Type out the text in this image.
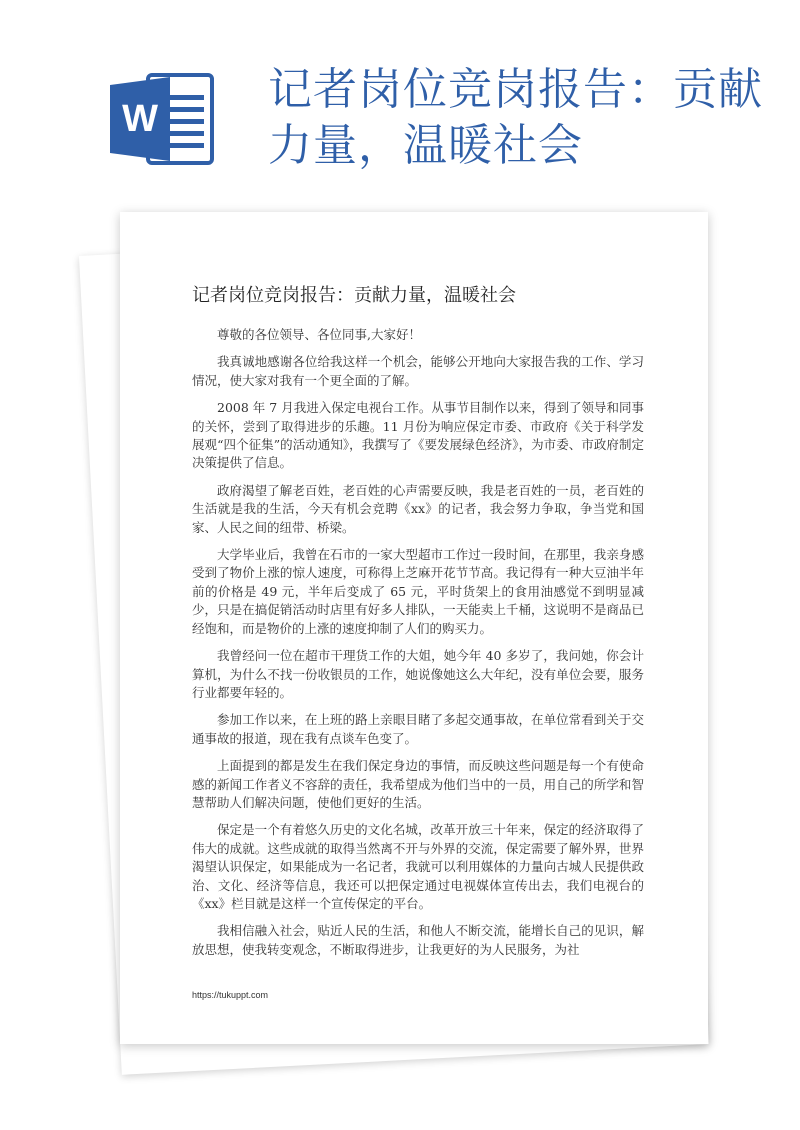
W
记者岗位竞岗报告：贡献力量，温暖社会
记者岗位竞岗报告：贡献力量，温暖社会

尊敬的各位领导、各位同事,大家好！

我真诚地感谢各位给我这样一个机会，能够公开地向大家报告我的工作、学习情况，使大家对我有一个更全面的了解。

2008 年 7 月我进入保定电视台工作。从事节目制作以来，得到了领导和同事的关怀，尝到了取得进步的乐趣。11 月份为响应保定市委、市政府《关于科学发展观“四个征集”的活动通知》，我撰写了《要发展绿色经济》，为市委、市政府制定决策提供了信息。

政府渴望了解老百姓，老百姓的心声需要反映，我是老百姓的一员，老百姓的生活就是我的生活，今天有机会竞聘《xx》的记者，我会努力争取，争当党和国家、人民之间的纽带、桥梁。

大学毕业后，我曾在石市的一家大型超市工作过一段时间，在那里，我亲身感受到了物价上涨的惊人速度，可称得上芝麻开花节节高。我记得有一种大豆油半年前的价格是 49 元，半年后变成了 65 元，平时货架上的食用油感觉不到明显减少，只是在搞促销活动时店里有好多人排队，一天能卖上千桶，这说明不是商品已经饱和，而是物价的上涨的速度抑制了人们的购买力。

我曾经问一位在超市干理货工作的大姐，她今年 40 多岁了，我问她，你会计算机，为什么不找一份收银员的工作，她说像她这么大年纪，没有单位会要，服务行业都要年轻的。

参加工作以来，在上班的路上亲眼目睹了多起交通事故，在单位常看到关于交通事故的报道，现在我有点谈车色变了。

上面提到的都是发生在我们保定身边的事情，而反映这些问题是每一个有使命感的新闻工作者义不容辞的责任，我希望成为他们当中的一员，用自己的所学和智慧帮助人们解决问题，使他们更好的生活。

保定是一个有着悠久历史的文化名城，改革开放三十年来，保定的经济取得了伟大的成就。这些成就的取得当然离不开与外界的交流，保定需要了解外界，世界渴望认识保定，如果能成为一名记者，我就可以利用媒体的力量向古城人民提供政治、文化、经济等信息，我还可以把保定通过电视媒体宣传出去，我们电视台的《xx》栏目就是这样一个宣传保定的平台。

我相信融入社会，贴近人民的生活，和他人不断交流，能增长自己的见识，解放思想，使我转变观念，不断取得进步，让我更好的为人民服务，为社

https://tukuppt.com
